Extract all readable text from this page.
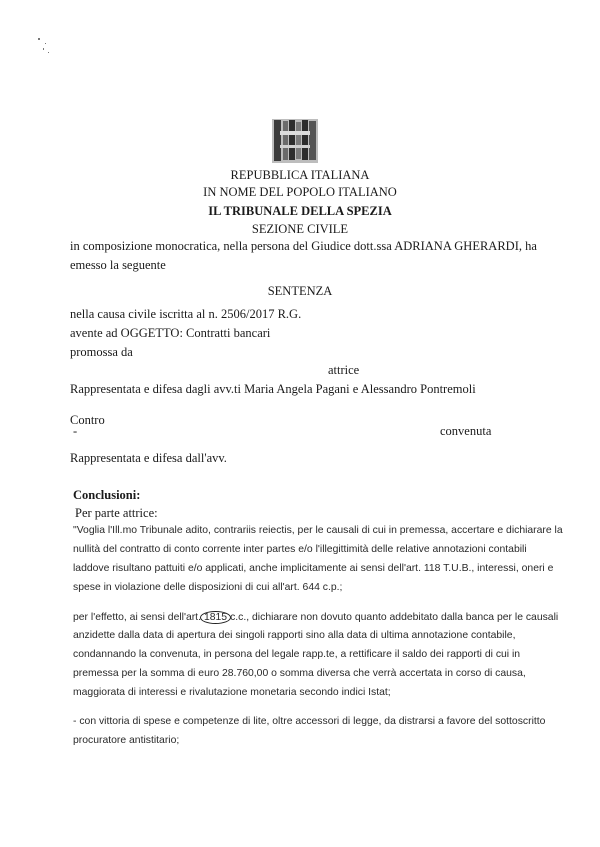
REPUBBLICA ITALIANA
IN NOME DEL POPOLO ITALIANO
IL TRIBUNALE DELLA SPEZIA
SEZIONE CIVILE
in composizione monocratica, nella persona del Giudice dott.ssa ADRIANA GHERARDI, ha
emesso la seguente
SENTENZA
nella causa civile iscritta al n. 2506/2017 R.G.
avente ad OGGETTO: Contratti bancari
promossa da
attrice
Rappresentata e difesa dagli avv.ti Maria Angela Pagani e Alessandro Pontremoli
Contro
-	convenuta
Rappresentata e difesa dall'avv.
Conclusioni:
Per parte attrice:
"Voglia l'Ill.mo Tribunale adito, contrariis reiectis, per le causali di cui in premessa, accertare e dichiarare la
nullità del contratto di conto corrente inter partes e/o l'illegittimità delle relative annotazioni contabili
laddove risultano pattuiti e/o applicati, anche implicitamente ai sensi dell'art. 118 T.U.B., interessi, oneri e
spese in violazione delle disposizioni di cui all'art. 644 c.p.;
per l'effetto, ai sensi dell'art. 1815 c.c., dichiarare non dovuto quanto addebitato dalla banca per le causali
anzidette dalla data di apertura dei singoli rapporti sino alla data di ultima annotazione contabile,
condannando la convenuta, in persona del legale rapp.te, a rettificare il saldo dei rapporti di cui in
premessa per la somma di euro 28.760,00 o somma diversa che verrà accertata in corso di causa,
maggiorata di interessi e rivalutazione monetaria secondo indici Istat;
- con vittoria di spese e competenze di lite, oltre accessori di legge, da distrarsi a favore del sottoscritto
procuratore antistitario;
